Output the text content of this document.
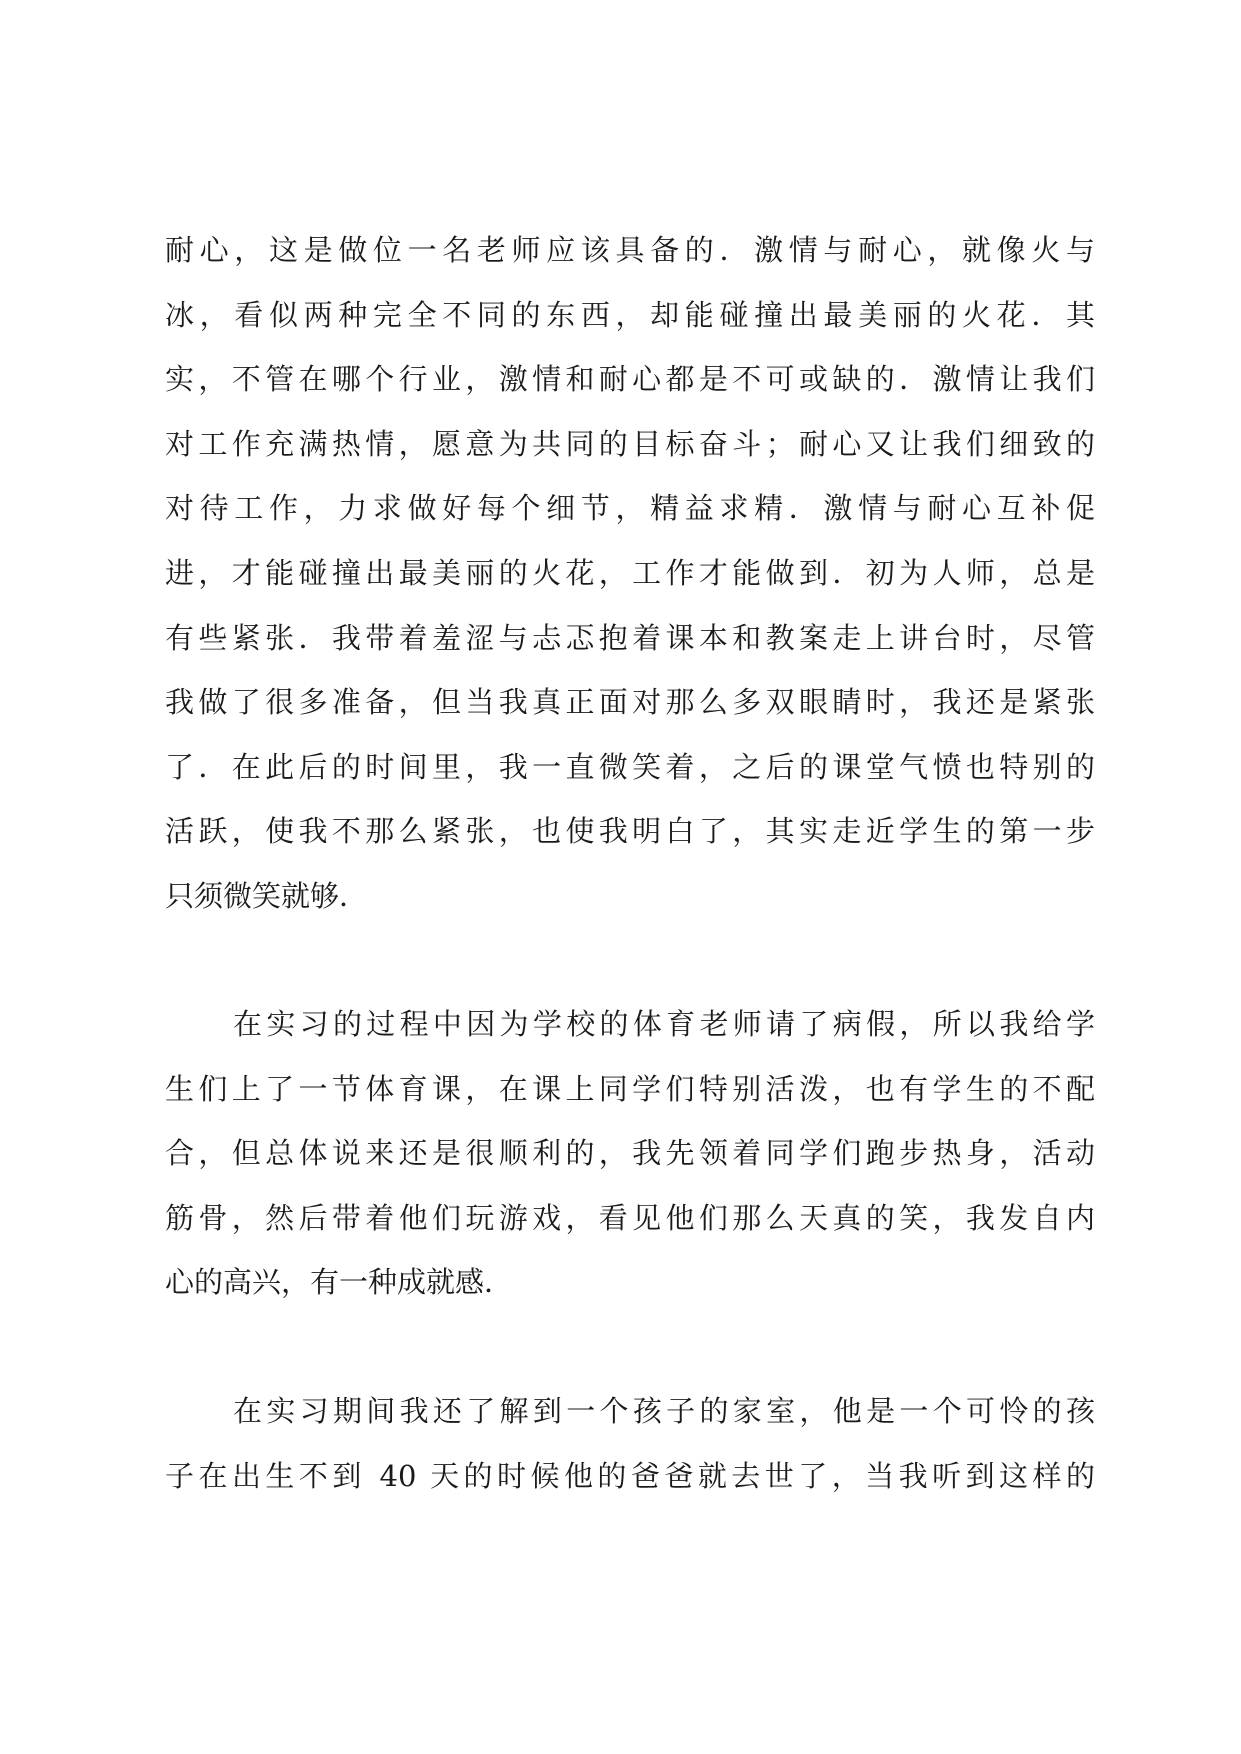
耐心，这是做位一名老师应该具备的．激情与耐心，就像火与
冰，看似两种完全不同的东西，却能碰撞出最美丽的火花．其
实，不管在哪个行业，激情和耐心都是不可或缺的．激情让我们
对工作充满热情，愿意为共同的目标奋斗；耐心又让我们细致的
对待工作，力求做好每个细节，精益求精．激情与耐心互补促
进，才能碰撞出最美丽的火花，工作才能做到．初为人师，总是
有些紧张．我带着羞涩与忐忑抱着课本和教案走上讲台时，尽管
我做了很多准备，但当我真正面对那么多双眼睛时，我还是紧张
了．在此后的时间里，我一直微笑着，之后的课堂气愤也特别的
活跃，使我不那么紧张，也使我明白了，其实走近学生的第一步
只须微笑就够．
在实习的过程中因为学校的体育老师请了病假，所以我给学
生们上了一节体育课，在课上同学们特别活泼，也有学生的不配
合，但总体说来还是很顺利的，我先领着同学们跑步热身，活动
筋骨，然后带着他们玩游戏，看见他们那么天真的笑，我发自内
心的高兴，有一种成就感．
在实习期间我还了解到一个孩子的家室，他是一个可怜的孩
子在出生不到 40 天的时候他的爸爸就去世了，当我听到这样的
